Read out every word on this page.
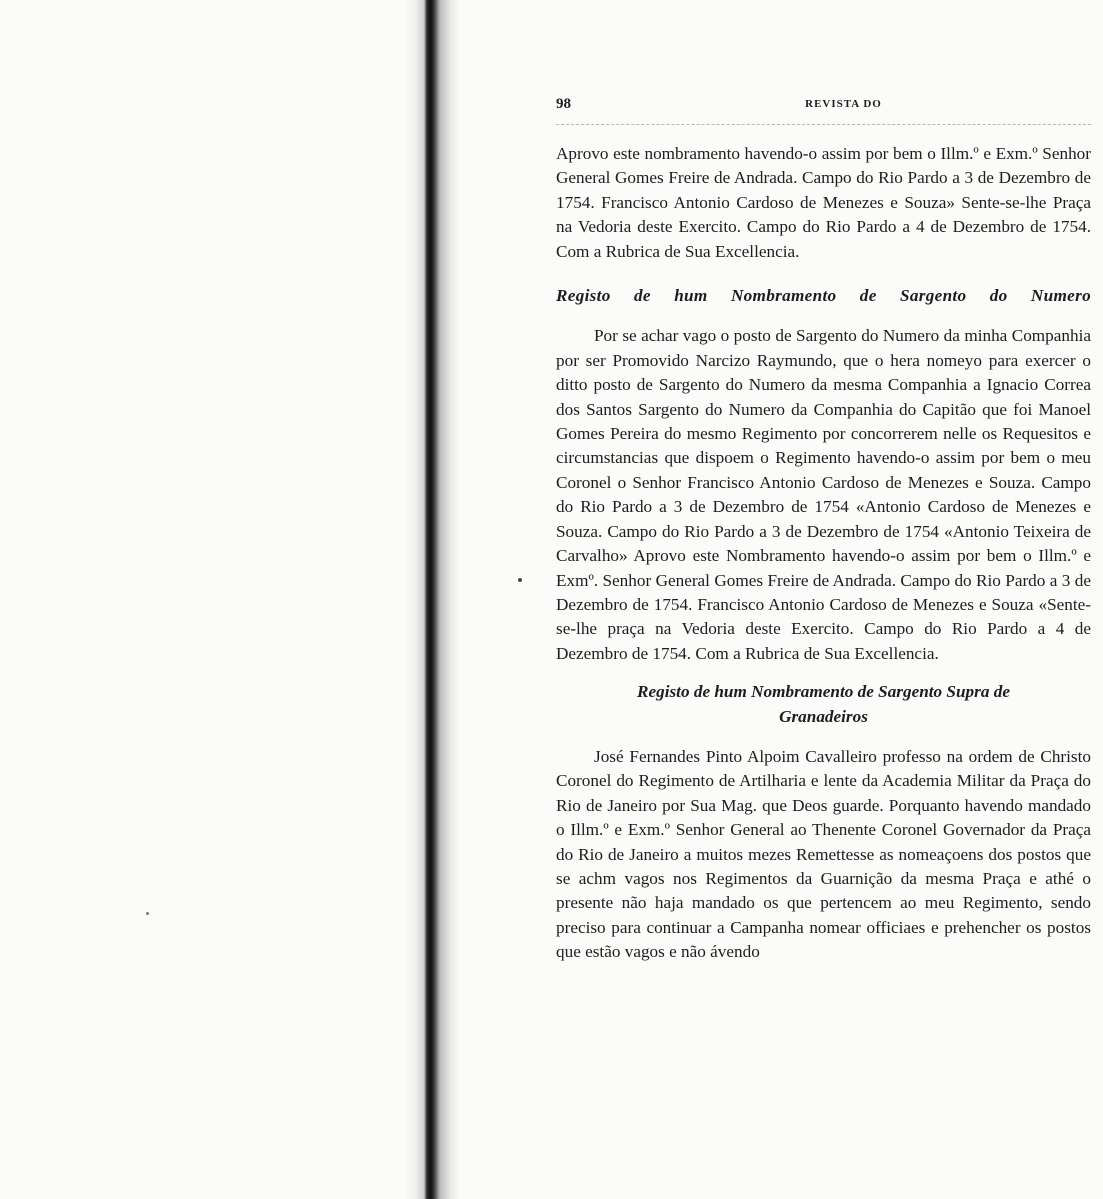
98	REVISTA DO

Aprovo este nombramento havendo-o assim por bem o Illm.º e Exm.º Senhor General Gomes Freire de Andrada. Campo do Rio Pardo a 3 de Dezembro de 1754. Francisco Antonio Cardoso de Menezes e Souza» Sente-se-lhe Praça na Vedoria deste Exercito. Campo do Rio Pardo a 4 de Dezembro de 1754. Com a Rubrica de Sua Excellencia.

Registo de hum Nombramento de Sargento do Numero

Por se achar vago o posto de Sargento do Numero da minha Companhia por ser Promovido Narcizo Raymundo, que o hera nomeyo para exercer o ditto posto de Sargento do Numero da mesma Companhia a Ignacio Correa dos Santos Sargento do Numero da Companhia do Capitão que foi Manoel Gomes Pereira do mesmo Regimento por concorrerem nelle os Requesitos e circumstancias que dispoem o Regimento havendo-o assim por bem o meu Coronel o Senhor Francisco Antonio Cardoso de Menezes e Souza. Campo do Rio Pardo a 3 de Dezembro de 1754 «Antonio Cardoso de Menezes e Souza. Campo do Rio Pardo a 3 de Dezembro de 1754 «Antonio Teixeira de Carvalho» Aprovo este Nombramento havendo-o assim por bem o Illm.º e Exmº. Senhor General Gomes Freire de Andrada. Campo do Rio Pardo a 3 de Dezembro de 1754. Francisco Antonio Cardoso de Menezes e Souza «Sente-se-lhe praça na Vedoria deste Exercito. Campo do Rio Pardo a 4 de Dezembro de 1754. Com a Rubrica de Sua Excellencia.

Registo de hum Nombramento de Sargento Supra de
Granadeiros

José Fernandes Pinto Alpoim Cavalleiro professo na ordem de Christo Coronel do Regimento de Artilharia e lente da Academia Militar da Praça do Rio de Janeiro por Sua Mag. que Deos guarde. Porquanto havendo mandado o Illm.º e Exm.º Senhor General ao Thenente Coronel Governador da Praça do Rio de Janeiro a muitos mezes Remettesse as nomeaçoens dos postos que se achm vagos nos Regimentos da Guarnição da mesma Praça e athé o presente não haja mandado os que pertencem ao meu Regimento, sendo preciso para continuar a Campanha nomear officiaes e prehencher os postos que estão vagos e não ávendo
